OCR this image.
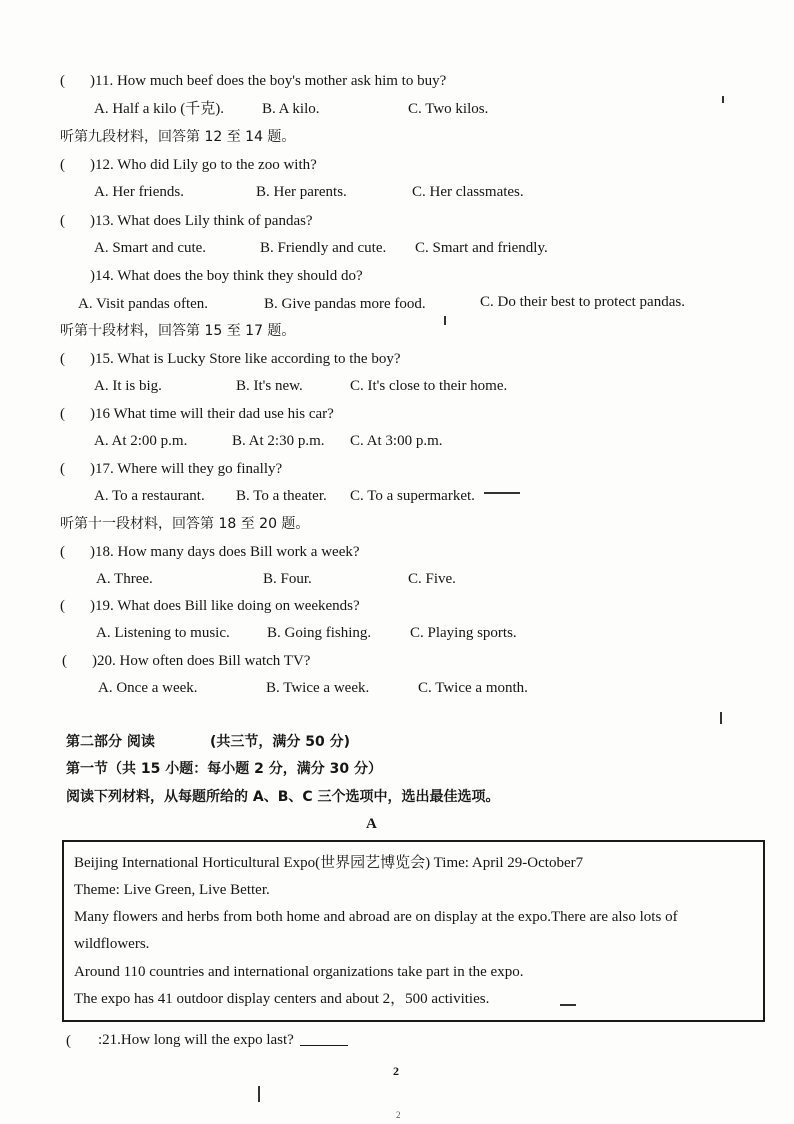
( )11. How much beef does the boy's mother ask him to buy?
A. Half a kilo (千克).	B. A kilo.	C. Two kilos.
听第九段材料，回答第 12 至 14 题。
( )12. Who did Lily go to the zoo with?
A. Her friends.	B. Her parents.	C. Her classmates.
( )13. What does Lily think of pandas?
A. Smart and cute.	B. Friendly and cute. C. Smart and friendly.
)14. What does the boy think they should do?
A. Visit pandas often.	B. Give pandas more food.	C. Do their best to protect pandas.
听第十段材料，回答第 15 至 17 题。
( )15. What is Lucky Store like according to the boy?
A. It is big.	B. It's new.	C. It's close to their home.
( )16 What time will their dad use his car?
A. At 2:00 p.m.	B. At 2:30 p.m. C. At 3:00 p.m.
( )17. Where will they go finally?
A. To a restaurant. B. To a theater. C. To a supermarket.
听第十一段材料，回答第 18 至 20 题。
( )18. How many days does Bill work a week?
A. Three.	B. Four.	C. Five.
( )19. What does Bill like doing on weekends?
A. Listening to music. B. Going fishing.	C. Playing sports.
( )20. How often does Bill watch TV?
A. Once a week.	B. Twice a week.	C. Twice a month.
第二部分 阅读	(共三节，满分 50 分)
第一节（共 15 小题：每小题 2 分，满分 30 分）
阅读下列材料，从每题所给的 A、B、C 三个选项中，选出最佳选项。
A
Beijing International Horticultural Expo(世界园艺博览会) Time: April 29-October7
Theme: Live Green, Live Better.
Many flowers and herbs from both home and abroad are on display at the expo.There are also lots of
wildflowers.
Around 110 countries and international organizations take part in the expo.
The expo has 41 outdoor display centers and about 2，500 activities.
( :21.How long will the expo last?
2
2
